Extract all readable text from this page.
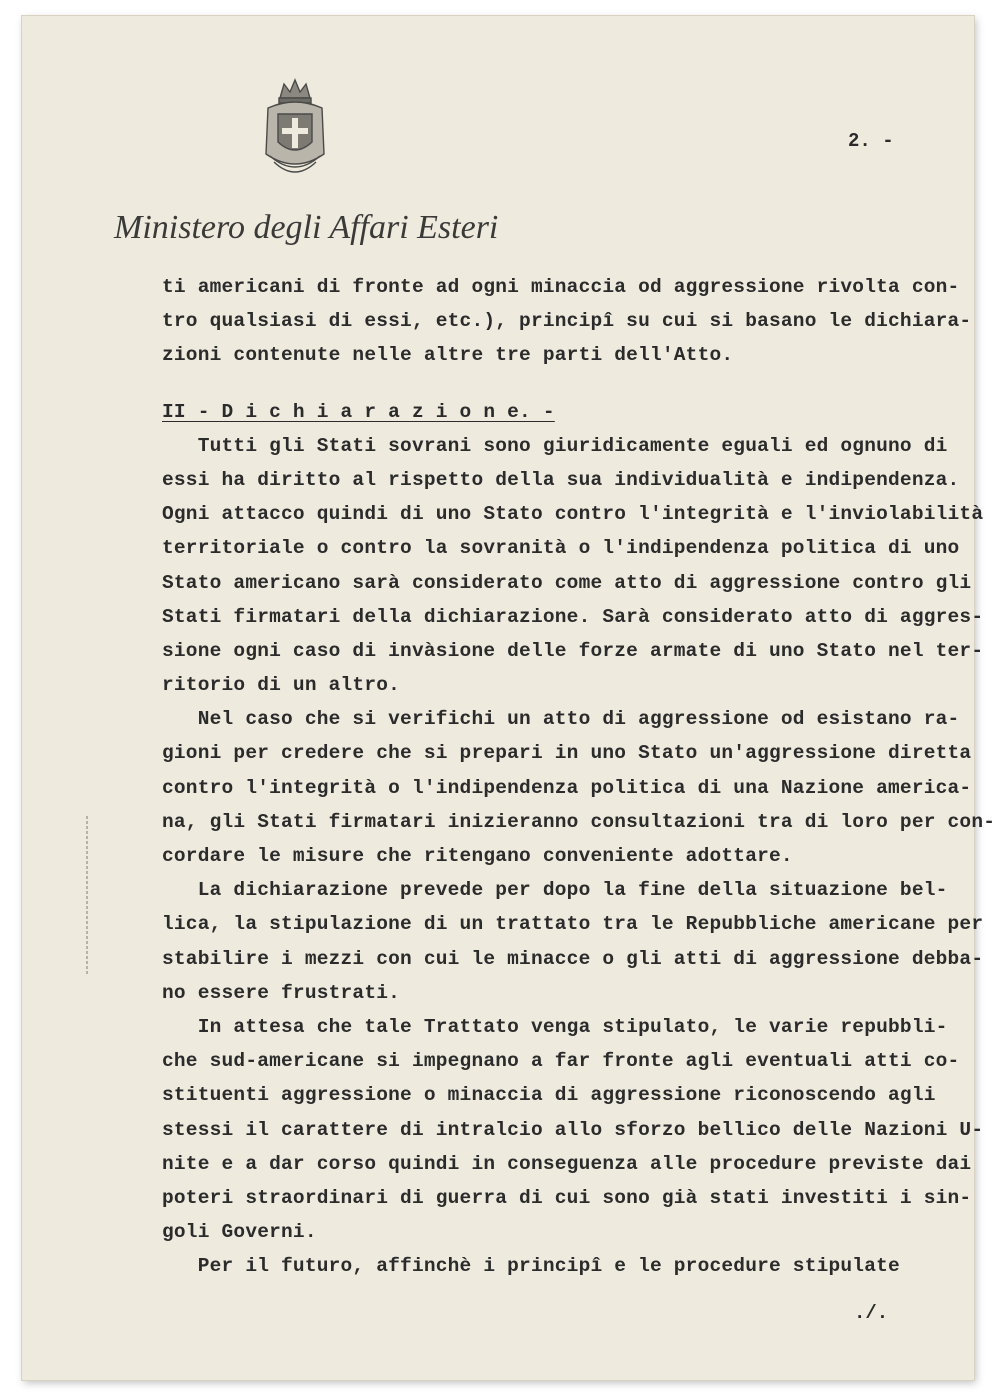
Ministero degli Affari Esteri
2. -
ti americani di fronte ad ogni minaccia od aggressione rivolta con-
tro qualsiasi di essi, etc.), principî su cui si basano le dichiara-
zioni contenute nelle altre tre parti dell'Atto.
II - D i c h i a r a z i o n e. -
Tutti gli Stati sovrani sono giuridicamente eguali ed ognuno di
essi ha diritto al rispetto della sua individualità e indipendenza.
Ogni attacco quindi di uno Stato contro l'integrità e l'inviolabilità
territoriale o contro la sovranità o l'indipendenza politica di uno
Stato americano sarà considerato come atto di aggressione contro gli
Stati firmatari della dichiarazione. Sarà considerato atto di aggres-
sione ogni caso di invàsione delle forze armate di uno Stato nel ter-
ritorio di un altro.
Nel caso che si verifichi un atto di aggressione od esistano ra-
gioni per credere che si prepari in uno Stato un'aggressione diretta
contro l'integrità o l'indipendenza politica di una Nazione america-
na, gli Stati firmatari inizieranno consultazioni tra di loro per con-
cordare le misure che ritengano conveniente adottare.
La dichiarazione prevede per dopo la fine della situazione bel-
lica, la stipulazione di un trattato tra le Repubbliche americane per
stabilire i mezzi con cui le minacce o gli atti di aggressione debba-
no essere frustrati.
In attesa che tale Trattato venga stipulato, le varie repubbli-
che sud-americane si impegnano a far fronte agli eventuali atti co-
stituenti aggressione o minaccia di aggressione riconoscendo agli
stessi il carattere di intralcio allo sforzo bellico delle Nazioni U-
nite e a dar corso quindi in conseguenza alle procedure previste dai
poteri straordinari di guerra di cui sono già stati investiti i sin-
goli Governi.
Per il futuro, affinchè i principî e le procedure stipulate
./.
